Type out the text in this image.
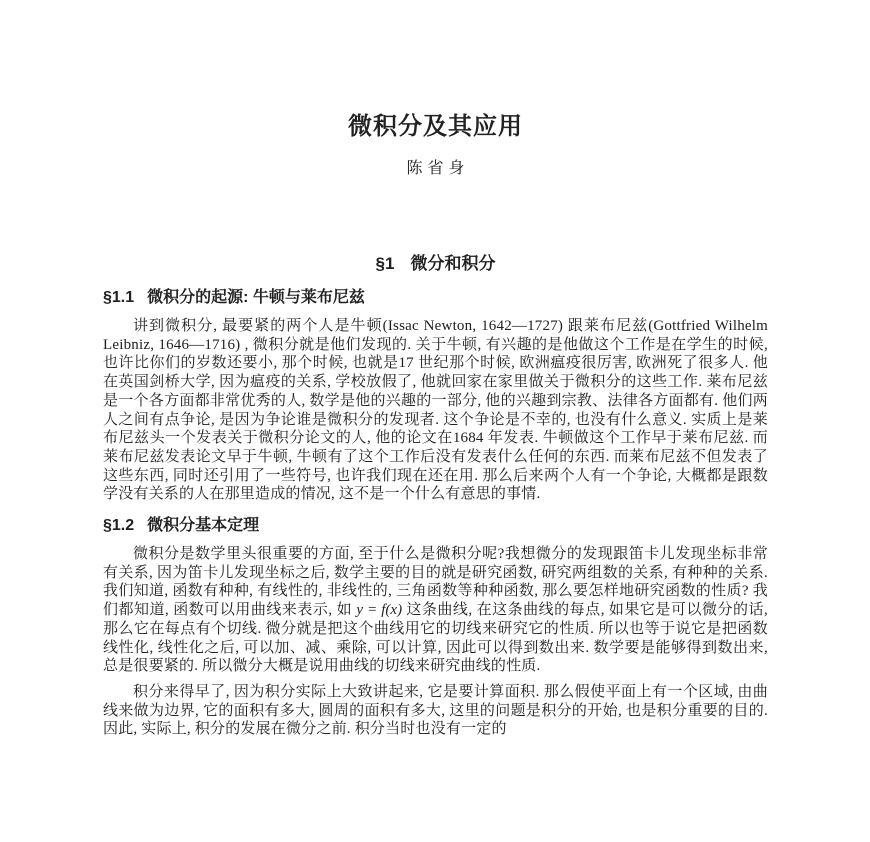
微积分及其应用
陈省身
§1 微分和积分
§1.1 微积分的起源: 牛顿与莱布尼兹

讲到微积分, 最要紧的两个人是牛顿(Issac Newton, 1642—1727) 跟莱布尼兹(Gottfried Wilhelm Leibniz, 1646—1716) , 微积分就是他们发现的. 关于牛顿, 有兴趣的是他做这个工作是在学生的时候, 也许比你们的岁数还要小, 那个时候, 也就是17 世纪那个时候, 欧洲瘟疫很厉害, 欧洲死了很多人. 他在英国剑桥大学, 因为瘟疫的关系, 学校放假了, 他就回家在家里做关于微积分的这些工作. 莱布尼兹是一个各方面都非常优秀的人, 数学是他的兴趣的一部分, 他的兴趣到宗教、法律各方面都有. 他们两人之间有点争论, 是因为争论谁是微积分的发现者. 这个争论是不幸的, 也没有什么意义. 实质上是莱布尼兹头一个发表关于微积分论文的人, 他的论文在1684 年发表. 牛顿做这个工作早于莱布尼兹. 而莱布尼兹发表论文早于牛顿, 牛顿有了这个工作后没有发表什么任何的东西. 而莱布尼兹不但发表了这些东西, 同时还引用了一些符号, 也许我们现在还在用. 那么后来两个人有一个争论, 大概都是跟数学没有关系的人在那里造成的情况, 这不是一个什么有意思的事情.

§1.2 微积分基本定理

微积分是数学里头很重要的方面, 至于什么是微积分呢?我想微分的发现跟笛卡儿发现坐标非常有关系, 因为笛卡儿发现坐标之后, 数学主要的目的就是研究函数, 研究两组数的关系, 有种种的关系. 我们知道, 函数有种种, 有线性的, 非线性的, 三角函数等种种函数, 那么要怎样地研究函数的性质? 我们都知道, 函数可以用曲线来表示, 如 y = f(x) 这条曲线, 在这条曲线的每点, 如果它是可以微分的话, 那么它在每点有个切线. 微分就是把这个曲线用它的切线来研究它的性质. 所以也等于说它是把函数线性化, 线性化之后, 可以加、减、乘除, 可以计算, 因此可以得到数出来. 数学要是能够得到数出来, 总是很要紧的. 所以微分大概是说用曲线的切线来研究曲线的性质.

积分来得早了, 因为积分实际上大致讲起来, 它是要计算面积. 那么假使平面上有一个区域, 由曲线来做为边界, 它的面积有多大, 圆周的面积有多大, 这里的问题是积分的开始, 也是积分重要的目的. 因此, 实际上, 积分的发展在微分之前. 积分当时也没有一定的
